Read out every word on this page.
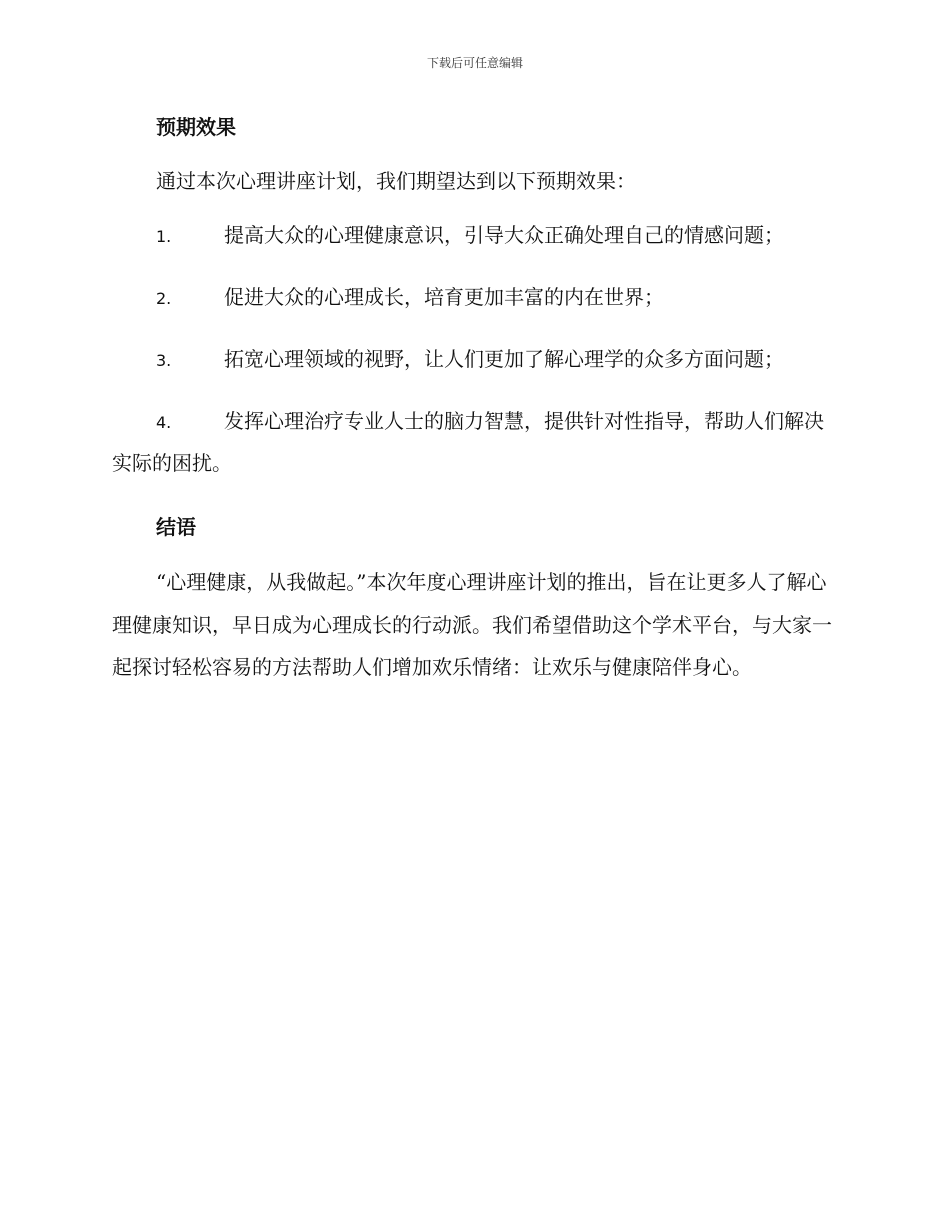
下载后可任意编辑
预期效果

通过本次心理讲座计划，我们期望达到以下预期效果：

1.	提高大众的心理健康意识，引导大众正确处理自己的情感问题；
2.	促进大众的心理成长，培育更加丰富的内在世界；
3.	拓宽心理领域的视野，让人们更加了解心理学的众多方面问题；
4.	发挥心理治疗专业人士的脑力智慧，提供针对性指导，帮助人们解决实际的困扰。
结语

“心理健康，从我做起。”本次年度心理讲座计划的推出，旨在让更多人了解心理健康知识，早日成为心理成长的行动派。我们希望借助这个学术平台，与大家一起探讨轻松容易的方法帮助人们增加欢乐情绪：让欢乐与健康陪伴身心。
